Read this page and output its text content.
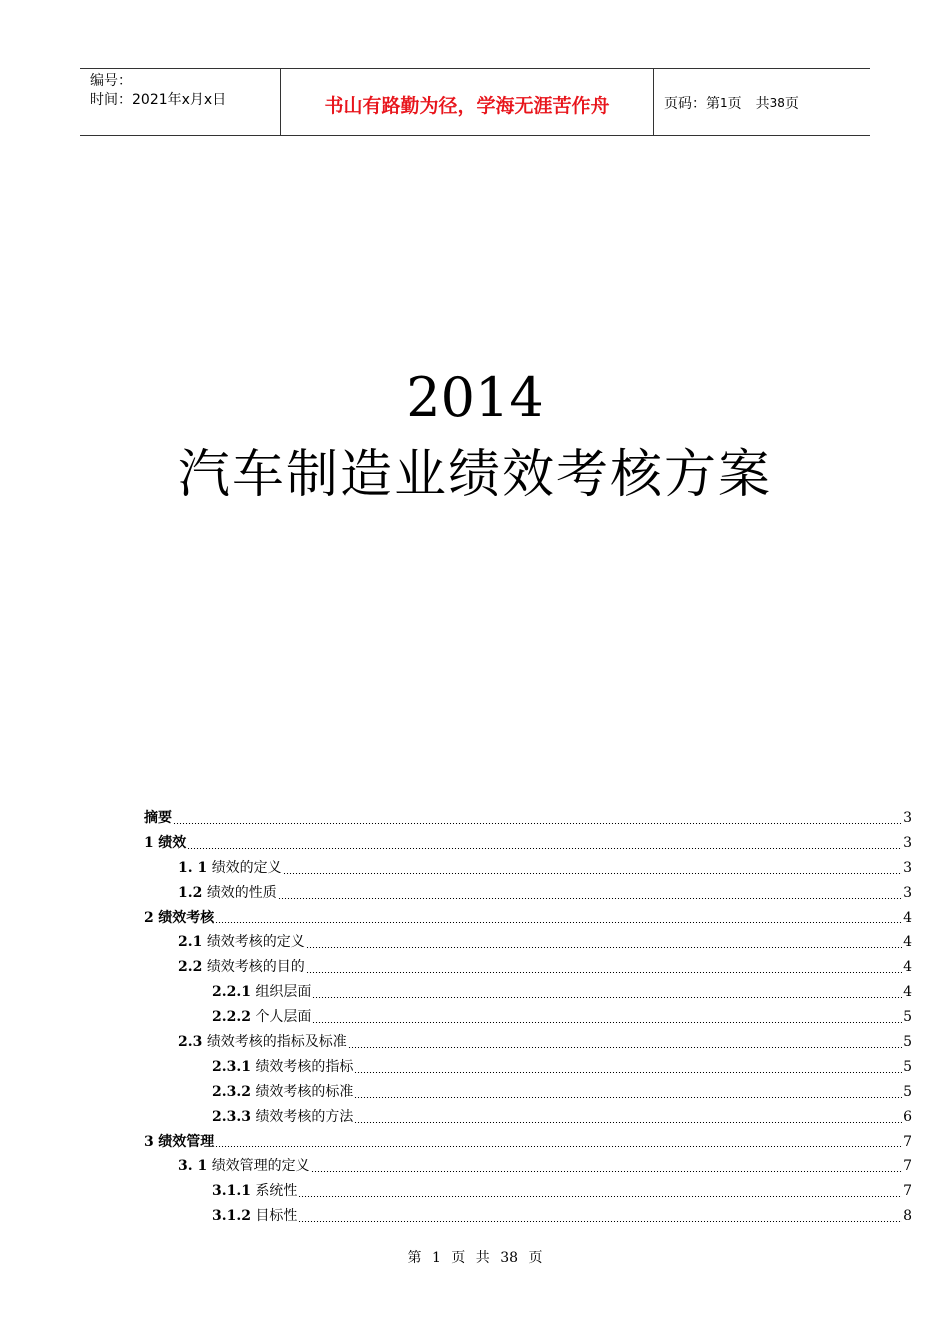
编号：
时间：2021年x月x日	书山有路勤为径，学海无涯苦作舟	页码：第 1 页　共 38 页
2014
汽车制造业绩效考核方案
摘要	3
1 绩效	3
1. 1 绩效的定义	3
1.2 绩效的性质	3
2 绩效考核	4
2.1 绩效考核的定义	4
2.2 绩效考核的目的	4
2.2.1 组织层面	4
2.2.2 个人层面	5
2.3 绩效考核的指标及标准	5
2.3.1 绩效考核的指标	5
2.3.2 绩效考核的标准	5
2.3.3 绩效考核的方法	6
3 绩效管理	7
3. 1 绩效管理的定义	7
3.1.1 系统性	7
3.1.2 目标性	8
第 1 页 共 38 页
